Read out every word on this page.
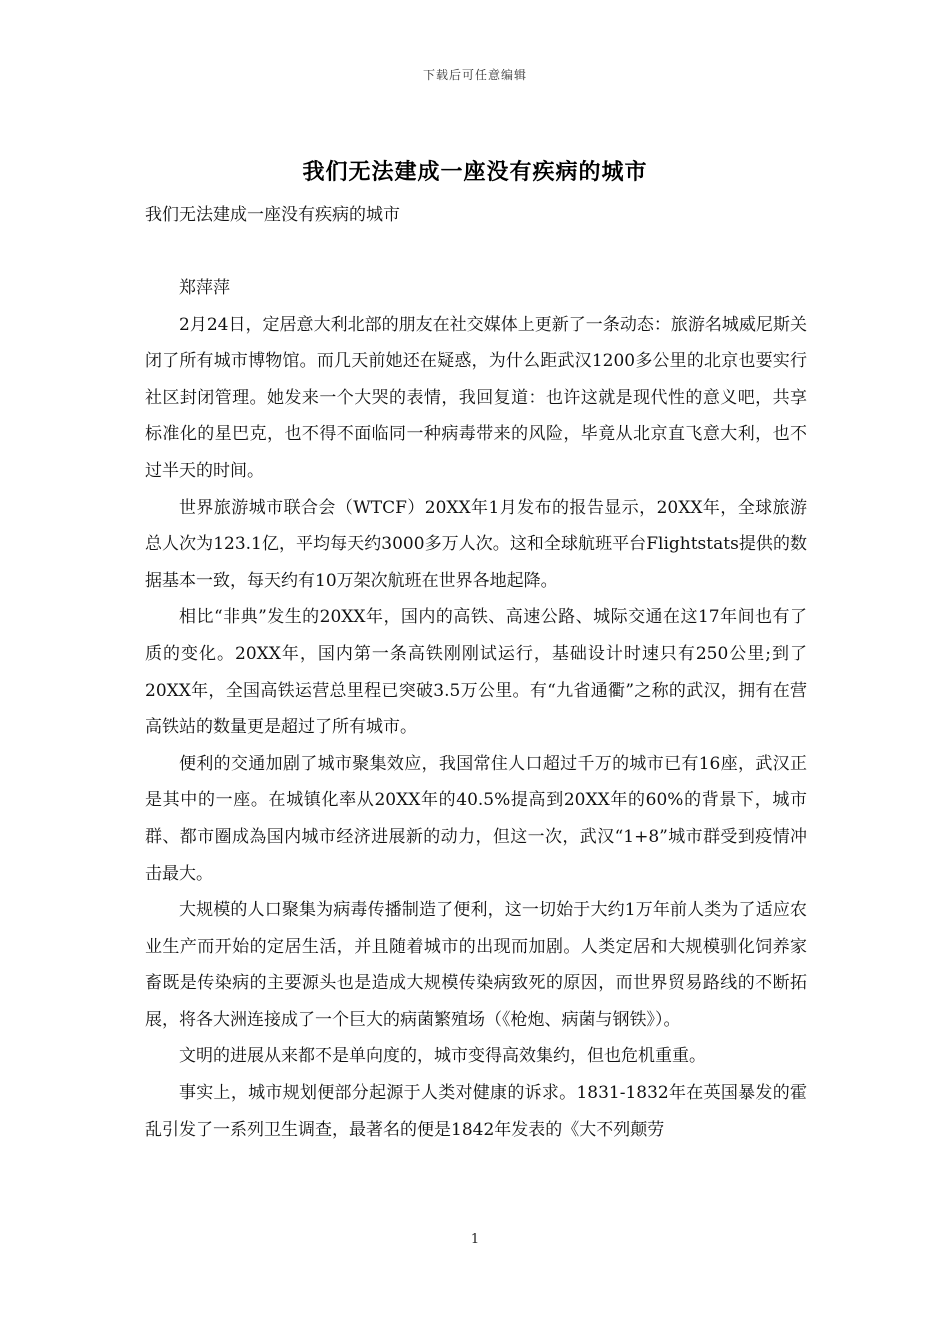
下载后可任意编辑
我们无法建成一座没有疾病的城市
我们无法建成一座没有疾病的城市

郑萍萍

2月24日，定居意大利北部的朋友在社交媒体上更新了一条动态：旅游名城威尼斯关闭了所有城市博物馆。而几天前她还在疑惑，为什么距武汉1200多公里的北京也要实行社区封闭管理。她发来一个大哭的表情，我回复道：也许这就是现代性的意义吧，共享标准化的星巴克，也不得不面临同一种病毒带来的风险，毕竟从北京直飞意大利，也不过半天的时间。

世界旅游城市联合会（WTCF）20XX年1月发布的报告显示，20XX年，全球旅游总人次为123.1亿，平均每天约3000多万人次。这和全球航班平台Flightstats提供的数据基本一致，每天约有10万架次航班在世界各地起降。

相比“非典”发生的20XX年，国内的高铁、高速公路、城际交通在这17年间也有了质的变化。20XX年，国内第一条高铁刚刚试运行，基础设计时速只有250公里;到了20XX年，全国高铁运营总里程已突破3.5万公里。有“九省通衢”之称的武汉，拥有在营高铁站的数量更是超过了所有城市。

便利的交通加剧了城市聚集效应，我国常住人口超过千万的城市已有16座，武汉正是其中的一座。在城镇化率从20XX年的40.5%提高到20XX年的60%的背景下，城市群、都市圈成為国内城市经济进展新的动力，但这一次，武汉“1+8”城市群受到疫情冲击最大。

大规模的人口聚集为病毒传播制造了便利，这一切始于大约1万年前人类为了适应农业生产而开始的定居生活，并且随着城市的出现而加剧。人类定居和大规模驯化饲养家畜既是传染病的主要源头也是造成大规模传染病致死的原因，而世界贸易路线的不断拓展，将各大洲连接成了一个巨大的病菌繁殖场（《枪炮、病菌与钢铁》）。

文明的进展从来都不是单向度的，城市变得高效集约，但也危机重重。

事实上，城市规划便部分起源于人类对健康的诉求。1831-1832年在英国暴发的霍乱引发了一系列卫生调查，最著名的便是1842年发表的《大不列颠劳

1
